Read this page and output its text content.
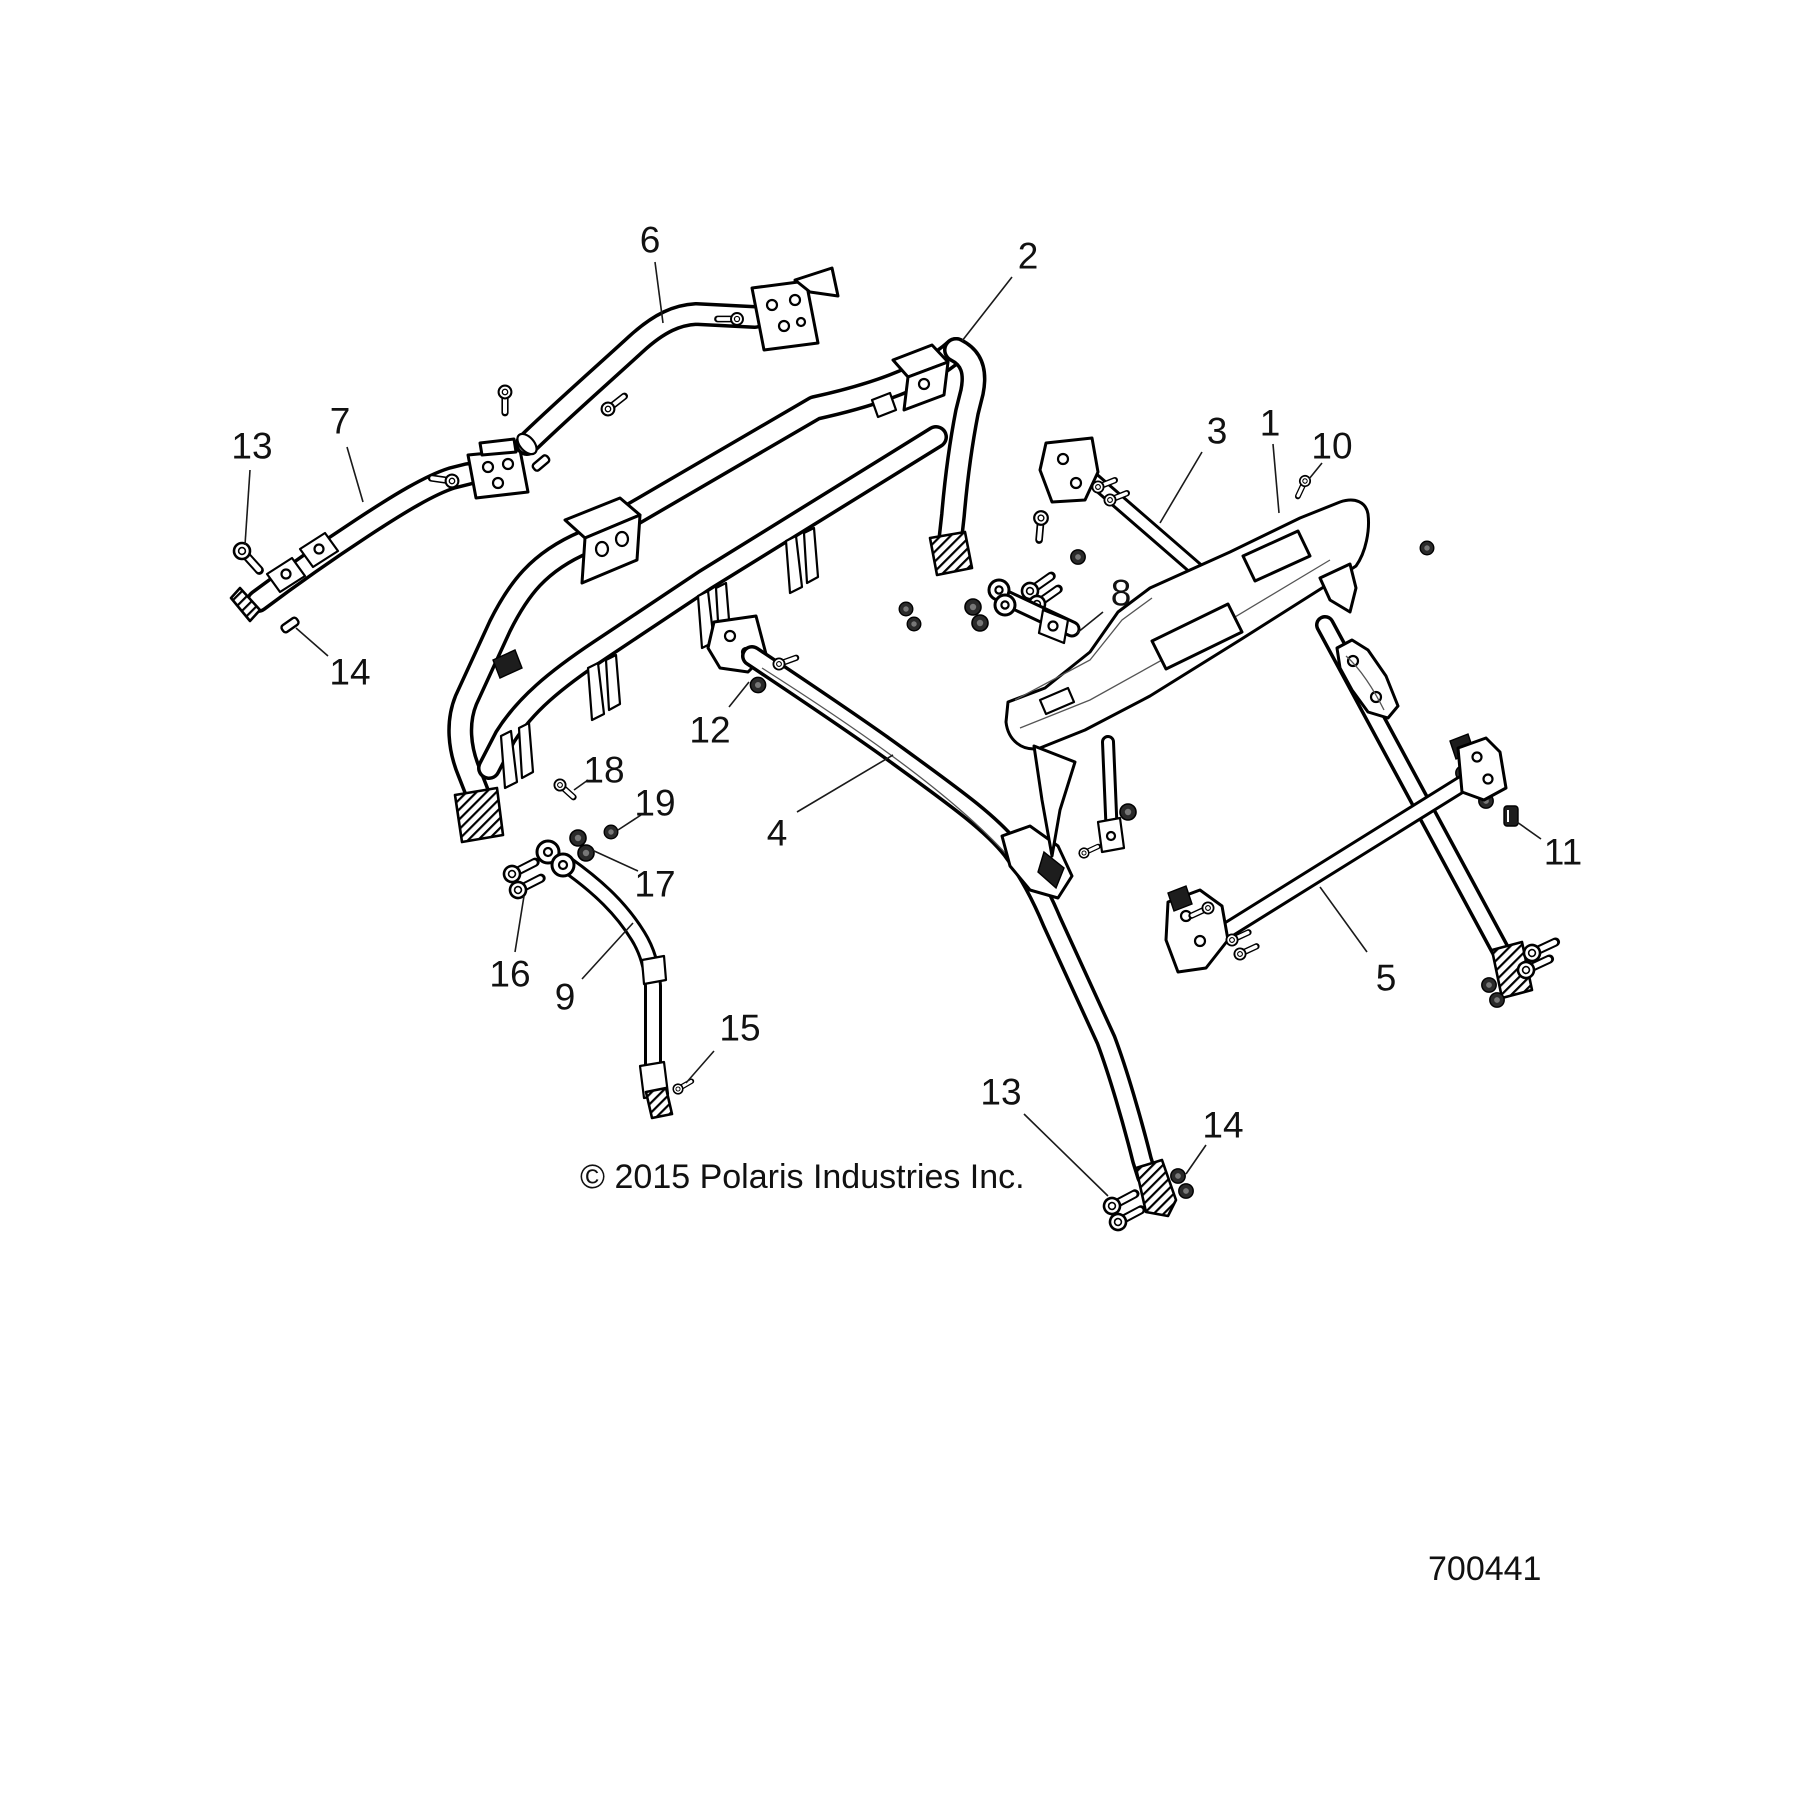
6	2
13
7
14
3 1
10
8
12
18
19
4
17
16
9
11
5
15
13
14
© 2015 Polaris Industries Inc.
700441
